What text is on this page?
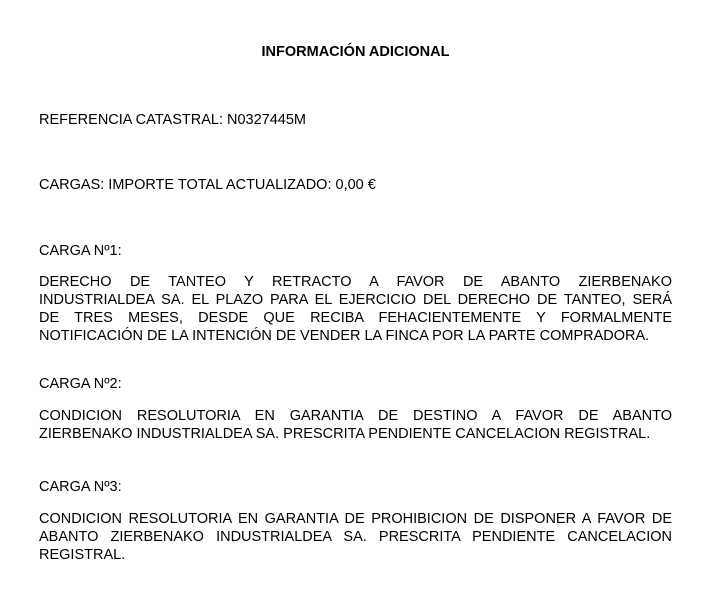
INFORMACIÓN ADICIONAL

REFERENCIA CATASTRAL: N0327445M

CARGAS: IMPORTE TOTAL ACTUALIZADO: 0,00 €

CARGA Nº1:

DERECHO DE TANTEO Y RETRACTO A FAVOR DE ABANTO ZIERBENAKO
INDUSTRIALDEA SA. EL PLAZO PARA EL EJERCICIO DEL DERECHO DE TANTEO, SERÁ
DE TRES MESES, DESDE QUE RECIBA FEHACIENTEMENTE Y FORMALMENTE
NOTIFICACIÓN DE LA INTENCIÓN DE VENDER LA FINCA POR LA PARTE COMPRADORA.

CARGA Nº2:

CONDICION RESOLUTORIA EN GARANTIA DE DESTINO A FAVOR DE ABANTO
ZIERBENAKO INDUSTRIALDEA SA. PRESCRITA PENDIENTE CANCELACION REGISTRAL.

CARGA Nº3:

CONDICION RESOLUTORIA EN GARANTIA DE PROHIBICION DE DISPONER A FAVOR DE
ABANTO ZIERBENAKO INDUSTRIALDEA SA. PRESCRITA PENDIENTE CANCELACION
REGISTRAL.
